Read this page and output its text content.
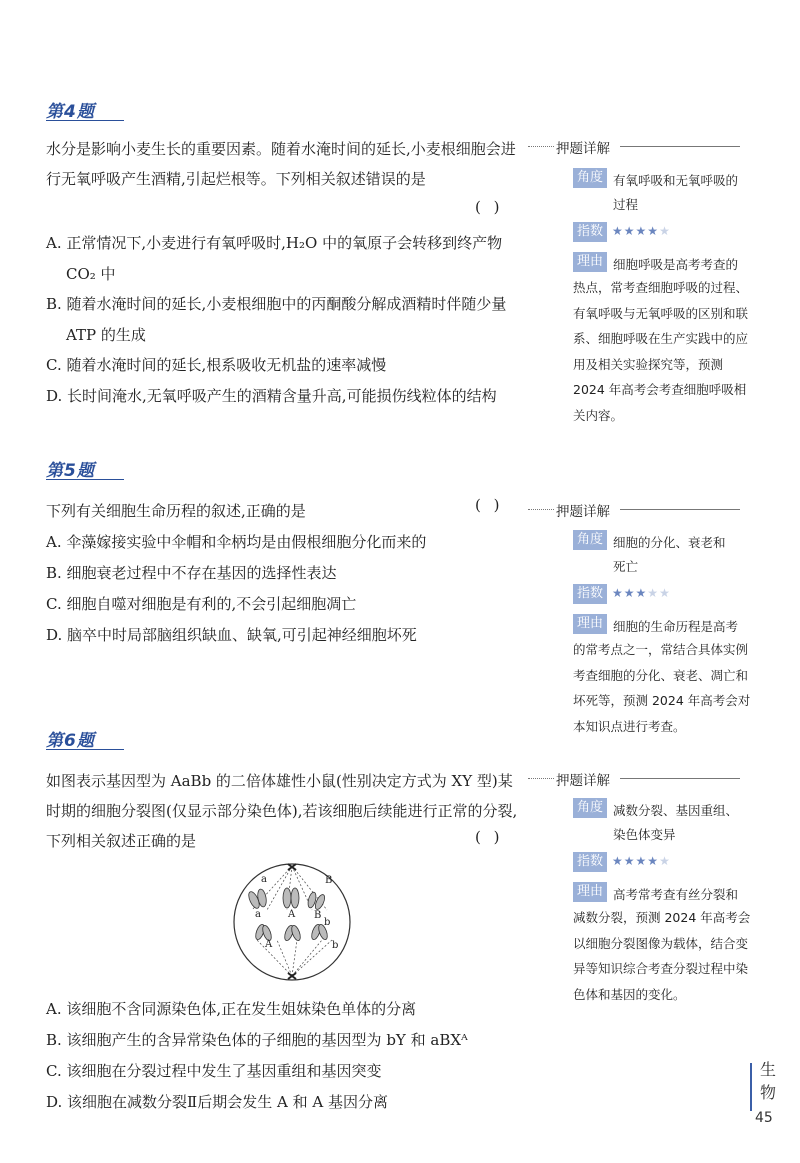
第4题
水分是影响小麦生长的重要因素。随着水淹时间的延长,小麦根细胞会进行无氧呼吸产生酒精,引起烂根等。下列相关叙述错误的是
( )
A. 正常情况下,小麦进行有氧呼吸时,H₂O 中的氧原子会转移到终产物 CO₂ 中
B. 随着水淹时间的延长,小麦根细胞中的丙酮酸分解成酒精时伴随少量 ATP 的生成
C. 随着水淹时间的延长,根系吸收无机盐的速率减慢
D. 长时间淹水,无氧呼吸产生的酒精含量升高,可能损伤线粒体的结构
押题详解
角度 有氧呼吸和无氧呼吸的
过程
指数 ★★★★★
理由 细胞呼吸是高考考查的
热点，常考查细胞呼吸的过程、有氧呼吸与无氧呼吸的区别和联系、细胞呼吸在生产实践中的应用及相关实验探究等，预测 2024 年高考会考查细胞呼吸相关内容。
第5题
下列有关细胞生命历程的叙述,正确的是	( )
A. 伞藻嫁接实验中伞帽和伞柄均是由假根细胞分化而来的
B. 细胞衰老过程中不存在基因的选择性表达
C. 细胞自噬对细胞是有利的,不会引起细胞凋亡
D. 脑卒中时局部脑组织缺血、缺氧,可引起神经细胞坏死
押题详解
角度 细胞的分化、衰老和
死亡
指数 ★★★★★
理由 细胞的生命历程是高考
的常考点之一，常结合具体实例考查细胞的分化、衰老、凋亡和坏死等，预测 2024 年高考会对本知识点进行考查。
第6题
如图表示基因型为 AaBb 的二倍体雄性小鼠(性别决定方式为 XY 型)某时期的细胞分裂图(仅显示部分染色体),若该细胞后续能进行正常的分裂,下列相关叙述正确的是	( )
a	B
a	A B
b
A	b
A. 该细胞不含同源染色体,正在发生姐妹染色单体的分离
B. 该细胞产生的含异常染色体的子细胞的基因型为 bY 和 aBXᴬ
C. 该细胞在分裂过程中发生了基因重组和基因突变
D. 该细胞在减数分裂Ⅱ后期会发生 A 和 A 基因分离
押题详解
角度 减数分裂、基因重组、
染色体变异
指数 ★★★★★
理由 高考常考查有丝分裂和
减数分裂，预测 2024 年高考会以细胞分裂图像为载体，结合变异等知识综合考查分裂过程中染色体和基因的变化。
生物
45
